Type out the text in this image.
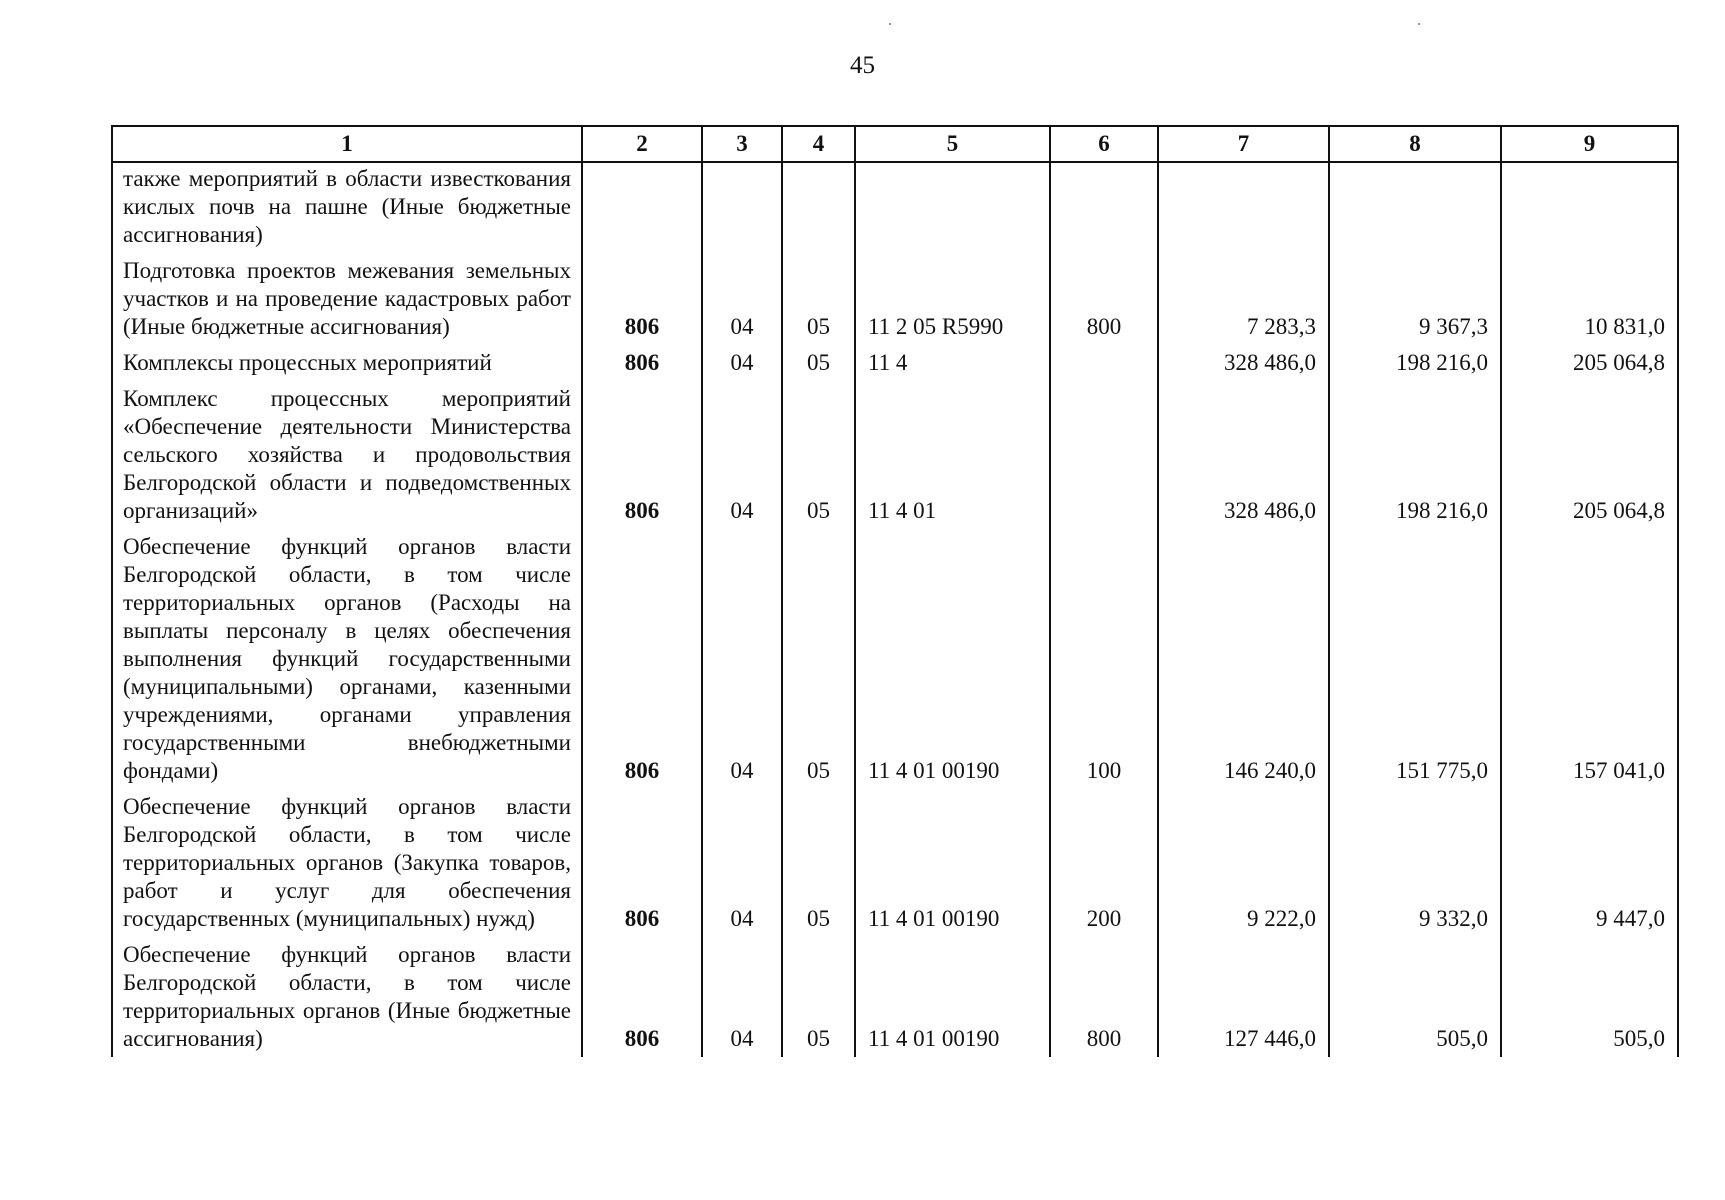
45
1	2	3	4	5	6	7	8	9
также мероприятий в области известкования кислых почв на пашне (Иные бюджетные ассигнования)								
Подготовка проектов межевания земельных участков и на проведение кадастровых работ (Иные бюджетные ассигнования)	806	04	05	11 2 05 R5990	800	7 283,3	9 367,3	10 831,0
Комплексы процессных мероприятий	806	04	05	11 4		328 486,0	198 216,0	205 064,8
Комплекс процессных мероприятий «Обеспечение деятельности Министерства сельского хозяйства и продовольствия Белгородской области и подведомственных организаций»	806	04	05	11 4 01		328 486,0	198 216,0	205 064,8
Обеспечение функций органов власти Белгородской области, в том числе территориальных органов (Расходы на выплаты персоналу в целях обеспечения выполнения функций государственными (муниципальными) органами, казенными учреждениями, органами управления государственными внебюджетными фондами)	806	04	05	11 4 01 00190	100	146 240,0	151 775,0	157 041,0
Обеспечение функций органов власти Белгородской области, в том числе территориальных органов (Закупка товаров, работ и услуг для обеспечения государственных (муниципальных) нужд)	806	04	05	11 4 01 00190	200	9 222,0	9 332,0	9 447,0
Обеспечение функций органов власти Белгородской области, в том числе территориальных органов (Иные бюджетные ассигнования)	806	04	05	11 4 01 00190	800	127 446,0	505,0	505,0
